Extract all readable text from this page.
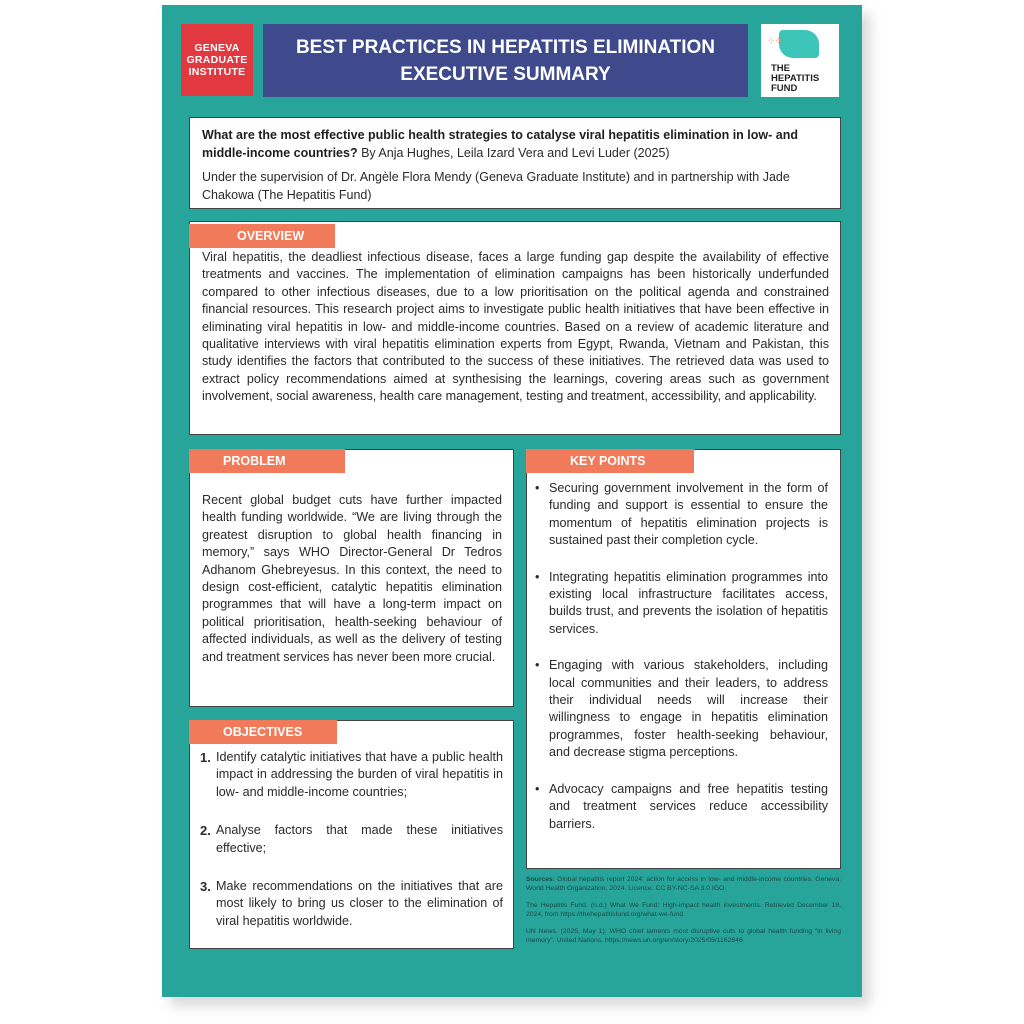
GENEVA
GRADUATE
INSTITUTE
BEST PRACTICES IN HEPATITIS ELIMINATION
EXECUTIVE SUMMARY
⁘⁘
THE
HEPATITIS
FUND
What are the most effective public health strategies to catalyse viral hepatitis elimination in low- and middle-income countries? By Anja Hughes, Leila Izard Vera and Levi Luder (2025)
Under the supervision of Dr. Angèle Flora Mendy (Geneva Graduate Institute) and in partnership with Jade Chakowa (The Hepatitis Fund)

Viral hepatitis, the deadliest infectious disease, faces a large funding gap despite the availability of effective treatments and vaccines. The implementation of elimination campaigns has been historically underfunded compared to other infectious diseases, due to a low prioritisation on the political agenda and constrained financial resources. This research project aims to investigate public health initiatives that have been effective in eliminating viral hepatitis in low- and middle-income countries. Based on a review of academic literature and qualitative interviews with viral hepatitis elimination experts from Egypt, Rwanda, Vietnam and Pakistan, this study identifies the factors that contributed to the success of these initiatives. The retrieved data was used to extract policy recommendations aimed at synthesising the learnings, covering areas such as government involvement, social awareness, health care management, testing and treatment, accessibility, and applicability.

OVERVIEW

Recent global budget cuts have further impacted health funding worldwide. “We are living through the greatest disruption to global health financing in memory,” says WHO Director-General Dr Tedros Adhanom Ghebreyesus. In this context, the need to design cost-efficient, catalytic hepatitis elimination programmes that will have a long-term impact on political prioritisation, health-seeking behaviour of affected individuals, as well as the delivery of testing and treatment services has never been more crucial.

PROBLEM
1. Identify catalytic initiatives that have a public health impact in addressing the burden of viral hepatitis in low- and middle-income countries;
2. Analyse factors that made these initiatives effective;
3. Make recommendations on the initiatives that are most likely to bring us closer to the elimination of viral hepatitis worldwide.
OBJECTIVES
• Securing government involvement in the form of funding and support is essential to ensure the momentum of hepatitis elimination projects is sustained past their completion cycle.
• Integrating hepatitis elimination programmes into existing local infrastructure facilitates access, builds trust, and prevents the isolation of hepatitis services.
• Engaging with various stakeholders, including local communities and their leaders, to address their individual needs will increase their willingness to engage in hepatitis elimination programmes, foster health-seeking behaviour, and decrease stigma perceptions.
• Advocacy campaigns and free hepatitis testing and treatment services reduce accessibility barriers.
KEY POINTS

Sources: Global hepatitis report 2024: action for access in low- and middle-income countries. Geneva: World Health Organization; 2024. Licence: CC BY-NC-SA 3.0 IGO.

The Hepatitis Fund. (n.d.) What We Fund: High-impact health investments. Retrieved December 18, 2024, from https://thehepatitisfund.org/what-we-fund

UN News. (2025, May 1). WHO chief laments most disruptive cuts to global health funding “in living memory”. United Nations. https://news.un.org/en/story/2025/05/1162846
